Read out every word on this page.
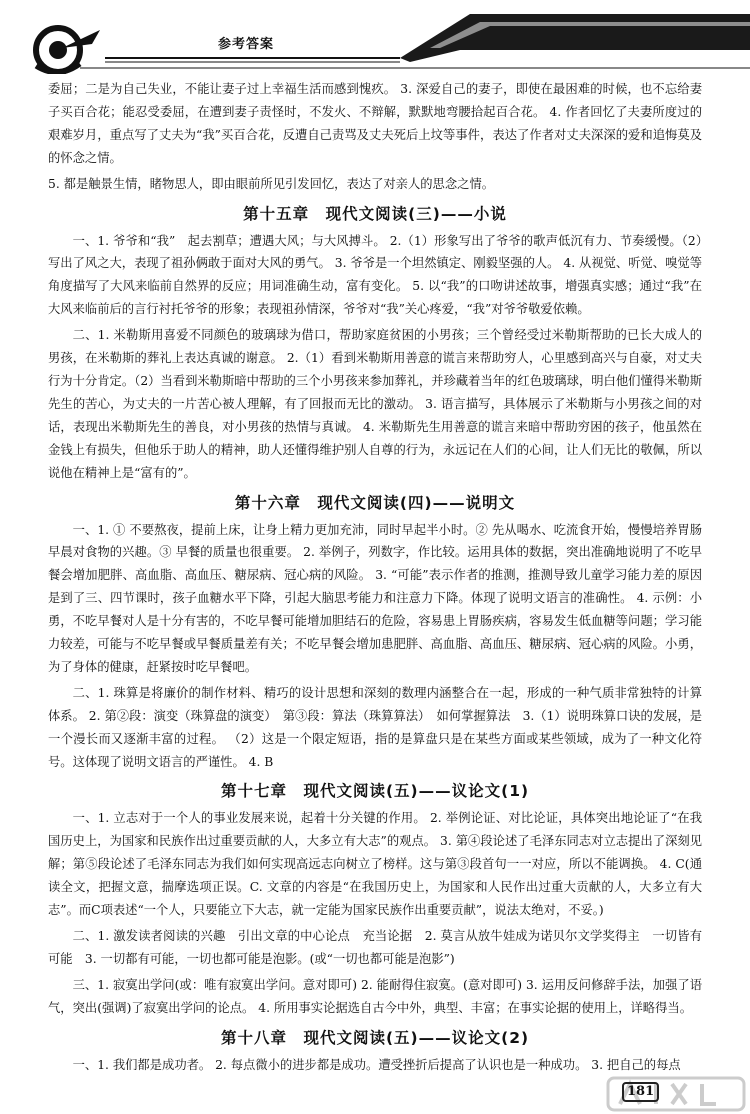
参考答案

委屈；二是为自己失业，不能让妻子过上幸福生活而感到愧疚。 3. 深爱自己的妻子，即使在最困难的时候，也不忘给妻子买百合花；能忍受委屈，在遭到妻子责怪时，不发火、不辩解，默默地弯腰拾起百合花。 4. 作者回忆了夫妻所度过的艰难岁月，重点写了丈夫为“我”买百合花，反遭自己责骂及丈夫死后上坟等事件，表达了作者对丈夫深深的爱和追悔莫及的怀念之情。

5. 都是触景生情，睹物思人，即由眼前所见引发回忆，表达了对亲人的思念之情。

第十五章　现代文阅读(三)——小说

一、1. 爷爷和“我”　起去割草；遭遇大风；与大风搏斗。 2.（1）形象写出了爷爷的歌声低沉有力、节奏缓慢。（2）写出了风之大，表现了祖孙俩敢于面对大风的勇气。 3. 爷爷是一个坦然镇定、刚毅坚强的人。 4. 从视觉、听觉、嗅觉等角度描写了大风来临前自然界的反应；用词准确生动，富有变化。 5. 以“我”的口吻讲述故事，增强真实感；通过“我”在大风来临前后的言行衬托爷爷的形象；表现祖孙情深，爷爷对“我”关心疼爱，“我”对爷爷敬爱依赖。

二、1. 米勒斯用喜爱不同颜色的玻璃球为借口，帮助家庭贫困的小男孩；三个曾经受过米勒斯帮助的已长大成人的男孩，在米勒斯的葬礼上表达真诚的谢意。 2.（1）看到米勒斯用善意的谎言来帮助穷人，心里感到高兴与自豪，对丈夫行为十分肯定。（2）当看到米勒斯暗中帮助的三个小男孩来参加葬礼，并珍藏着当年的红色玻璃球，明白他们懂得米勒斯先生的苦心，为丈夫的一片苦心被人理解，有了回报而无比的激动。 3. 语言描写，具体展示了米勒斯与小男孩之间的对话，表现出米勒斯先生的善良，对小男孩的热情与真诚。 4. 米勒斯先生用善意的谎言来暗中帮助穷困的孩子，他虽然在金钱上有损失，但他乐于助人的精神，助人还懂得维护别人自尊的行为，永远记在人们的心间，让人们无比的敬佩，所以说他在精神上是“富有的”。

第十六章　现代文阅读(四)——说明文

一、1. ① 不要熬夜，提前上床，让身上精力更加充沛，同时早起半小时。② 先从喝水、吃流食开始，慢慢培养胃肠早晨对食物的兴趣。③ 早餐的质量也很重要。 2. 举例子，列数字，作比较。运用具体的数据，突出准确地说明了不吃早餐会增加肥胖、高血脂、高血压、糖尿病、冠心病的风险。 3. “可能”表示作者的推测，推测导致儿童学习能力差的原因是到了三、四节课时，孩子血糖水平下降，引起大脑思考能力和注意力下降。体现了说明文语言的准确性。 4. 示例：小勇，不吃早餐对人是十分有害的，不吃早餐可能增加胆结石的危险，容易患上胃肠疾病，容易发生低血糖等问题；学习能力较差，可能与不吃早餐或早餐质量差有关；不吃早餐会增加患肥胖、高血脂、高血压、糖尿病、冠心病的风险。小勇，为了身体的健康，赶紧按时吃早餐吧。

二、1. 珠算是将廉价的制作材料、精巧的设计思想和深刻的数理内涵整合在一起，形成的一种气质非常独特的计算体系。 2. 第②段：演变（珠算盘的演变）　第③段：算法（珠算算法）　如何掌握算法　3.（1）说明珠算口诀的发展，是一个漫长而又逐渐丰富的过程。 （2）这是一个限定短语，指的是算盘只是在某些方面或某些领域，成为了一种文化符号。这体现了说明文语言的严谨性。 4. B

第十七章　现代文阅读(五)——议论文(1)

一、1. 立志对于一个人的事业发展来说，起着十分关键的作用。 2. 举例论证、对比论证，具体突出地论证了“在我国历史上，为国家和民族作出过重要贡献的人，大多立有大志”的观点。 3. 第④段论述了毛泽东同志对立志提出了深刻见解；第⑤段论述了毛泽东同志为我们如何实现高远志向树立了榜样。这与第③段首句一一对应，所以不能调换。 4. C(通读全文，把握文意，揣摩选项正误。C. 文章的内容是“在我国历史上，为国家和人民作出过重大贡献的人，大多立有大志”。而C项表述“一个人，只要能立下大志，就一定能为国家民族作出重要贡献”，说法太绝对，不妥。)

二、1. 激发读者阅读的兴趣　引出文章的中心论点　充当论据　2. 莫言从放牛娃成为诺贝尔文学奖得主　一切皆有可能　3. 一切都有可能，一切也都可能是泡影。(或“一切也都可能是泡影”)

三、1. 寂寞出学问(或：唯有寂寞出学问。意对即可) 2. 能耐得住寂寞。(意对即可) 3. 运用反问修辞手法，加强了语气，突出(强调)了寂寞出学问的论点。 4. 所用事实论据选自古今中外，典型、丰富；在事实论据的使用上，详略得当。

第十八章　现代文阅读(五)——议论文(2)

一、1. 我们都是成功者。 2. 每点微小的进步都是成功。遭受挫折后提高了认识也是一种成功。 3. 把自己的每点

181
